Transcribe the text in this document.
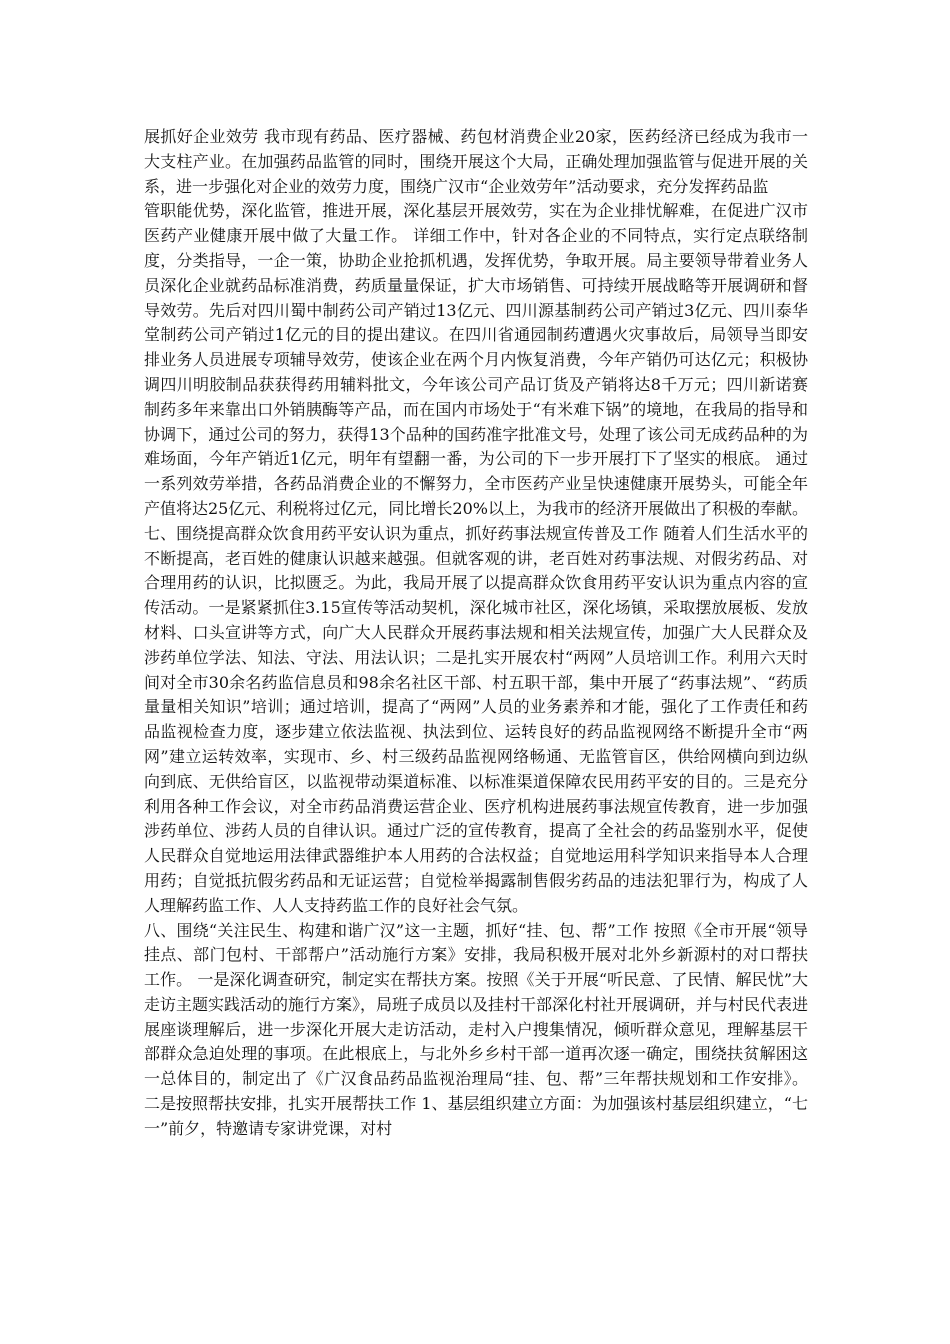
展抓好企业效劳 我市现有药品、医疗器械、药包材消费企业20家，医药经济已经成为我市一大支柱产业。在加强药品监管的同时，围绕开展这个大局，正确处理加强监管与促进开展的关系，进一步强化对企业的效劳力度，围绕广汉市“企业效劳年”活动要求，充分发挥药品监

管职能优势，深化监管，推进开展，深化基层开展效劳，实在为企业排忧解难，在促进广汉市医药产业健康开展中做了大量工作。 详细工作中，针对各企业的不同特点，实行定点联络制度，分类指导，一企一策，协助企业抢抓机遇，发挥优势，争取开展。局主要领导带着业务人员深化企业就药品标准消费，药质量量保证，扩大市场销售、可持续开展战略等开展调研和督导效劳。先后对四川蜀中制药公司产销过13亿元、四川源基制药公司产销过3亿元、四川泰华堂制药公司产销过1亿元的目的提出建议。在四川省通园制药遭遇火灾事故后，局领导当即安排业务人员进展专项辅导效劳，使该企业在两个月内恢复消费，今年产销仍可达亿元；积极协调四川明胶制品获获得药用辅料批文，今年该公司产品订货及产销将达8千万元；四川新诺赛制药多年来靠出口外销胰酶等产品，而在国内市场处于“有米难下锅”的境地，在我局的指导和协调下，通过公司的努力，获得13个品种的国药准字批准文号，处理了该公司无成药品种的为难场面，今年产销近1亿元，明年有望翻一番，为公司的下一步开展打下了坚实的根底。 通过一系列效劳举措，各药品消费企业的不懈努力，全市医药产业呈快速健康开展势头，可能全年产值将达25亿元、利税将过亿元，同比增长20%以上，为我市的经济开展做出了积极的奉献。 七、围绕提高群众饮食用药平安认识为重点，抓好药事法规宣传普及工作 随着人们生活水平的不断提高，老百姓的健康认识越来越强。但就客观的讲，老百姓对药事法规、对假劣药品、对合理用药的认识，比拟匮乏。为此，我局开展了以提高群众饮食用药平安认识为重点内容的宣传活动。一是紧紧抓住3.15宣传等活动契机，深化城市社区，深化场镇，采取摆放展板、发放材料、口头宣讲等方式，向广大人民群众开展药事法规和相关法规宣传，加强广大人民群众及涉药单位学法、知法、守法、用法认识；二是扎实开展农村“两网”人员培训工作。利用六天时间对全市30余名药监信息员和98余名社区干部、村五职干部，集中开展了“药事法规”、“药质量量相关知识”培训；通过培训，提高了“两网”人员的业务素养和才能，强化了工作责任和药品监视检查力度，逐步建立依法监视、执法到位、运转良好的药品监视网络不断提升全市“两网”建立运转效率，实现市、乡、村三级药品监视网络畅通、无监管盲区，供给网横向到边纵向到底、无供给盲区，以监视带动渠道标准、以标准渠道保障农民用药平安的目的。三是充分利用各种工作会议，对全市药品消费运营企业、医疗机构进展药事法规宣传教育，进一步加强涉药单位、涉药人员的自律认识。通过广泛的宣传教育，提高了全社会的药品鉴别水平，促使人民群众自觉地运用法律武器维护本人用药的合法权益；自觉地运用科学知识来指导本人合理用药；自觉抵抗假劣药品和无证运营；自觉检举揭露制售假劣药品的违法犯罪行为，构成了人人理解药监工作、人人支持药监工作的良好社会气氛。

八、围绕“关注民生、构建和谐广汉”这一主题，抓好“挂、包、帮”工作 按照《全市开展“领导挂点、部门包村、干部帮户”活动施行方案》安排，我局积极开展对北外乡新源村的对口帮扶工作。 一是深化调查研究，制定实在帮扶方案。按照《关于开展“听民意、了民情、解民忧”大走访主题实践活动的施行方案》，局班子成员以及挂村干部深化村社开展调研，并与村民代表进展座谈理解后，进一步深化开展大走访活动，走村入户搜集情况，倾听群众意见，理解基层干部群众急迫处理的事项。在此根底上，与北外乡乡村干部一道再次逐一确定，围绕扶贫解困这一总体目的，制定出了《广汉食品药品监视治理局“挂、包、帮”三年帮扶规划和工作安排》。 二是按照帮扶安排，扎实开展帮扶工作 1、基层组织建立方面：为加强该村基层组织建立，“七一”前夕，特邀请专家讲党课，对村
